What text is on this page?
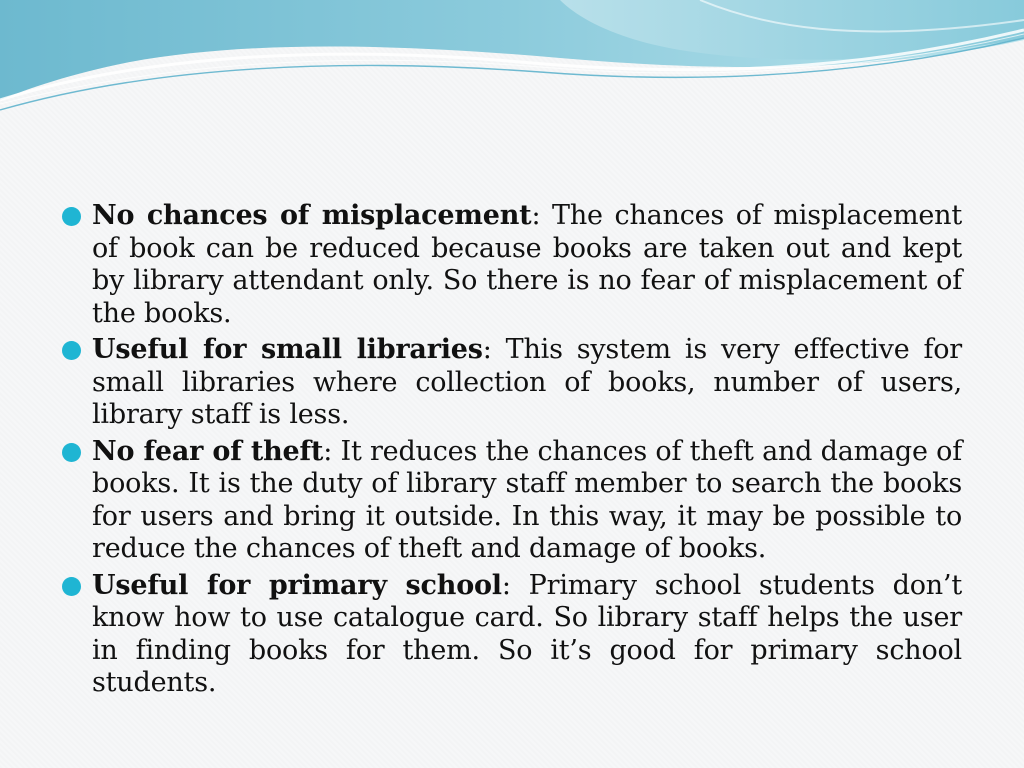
No chances of misplacement: The chances of misplacement of book can be reduced because books are taken out and kept by library attendant only. So there is no fear of misplacement of the books.
Useful for small libraries: This system is very effective for small libraries where collection of books, number of users, library staff is less.
No fear of theft: It reduces the chances of theft and damage of books. It is the duty of library staff member to search the books for users and bring it outside. In this way, it may be possible to reduce the chances of theft and damage of books.
Useful for primary school: Primary school students don’t know how to use catalogue card. So library staff helps the user in finding books for them. So it’s good for primary school students.
